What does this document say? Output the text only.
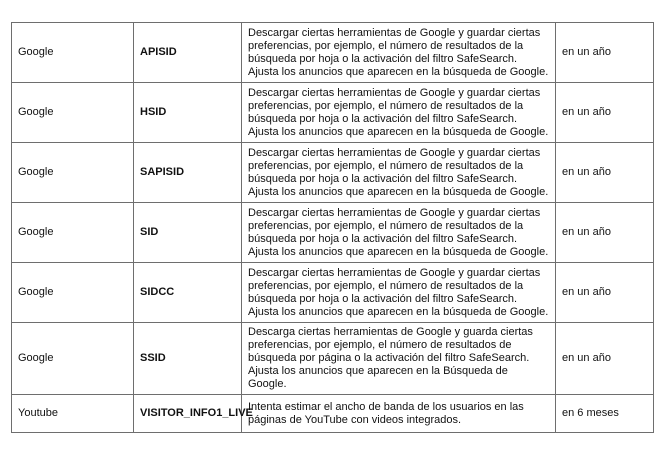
Google	APISID	Descargar ciertas herramientas de Google y guardar ciertas preferencias, por ejemplo, el número de resultados de la búsqueda por hoja o la activación del filtro SafeSearch. Ajusta los anuncios que aparecen en la búsqueda de Google.	en un año
Google	HSID	Descargar ciertas herramientas de Google y guardar ciertas preferencias, por ejemplo, el número de resultados de la búsqueda por hoja o la activación del filtro SafeSearch. Ajusta los anuncios que aparecen en la búsqueda de Google.	en un año
Google	SAPISID	Descargar ciertas herramientas de Google y guardar ciertas preferencias, por ejemplo, el número de resultados de la búsqueda por hoja o la activación del filtro SafeSearch. Ajusta los anuncios que aparecen en la búsqueda de Google.	en un año
Google	SID	Descargar ciertas herramientas de Google y guardar ciertas preferencias, por ejemplo, el número de resultados de la búsqueda por hoja o la activación del filtro SafeSearch. Ajusta los anuncios que aparecen en la búsqueda de Google.	en un año
Google	SIDCC	Descargar ciertas herramientas de Google y guardar ciertas preferencias, por ejemplo, el número de resultados de la búsqueda por hoja o la activación del filtro SafeSearch. Ajusta los anuncios que aparecen en la búsqueda de Google.	en un año
Google	SSID	Descarga ciertas herramientas de Google y guarda ciertas preferencias, por ejemplo, el número de resultados de búsqueda por página o la activación del filtro SafeSearch. Ajusta los anuncios que aparecen en la Búsqueda de Google.	en un año
Youtube	VISITOR_INFO1_LIVE	Intenta estimar el ancho de banda de los usuarios en las páginas de YouTube con videos integrados.	en 6 meses
